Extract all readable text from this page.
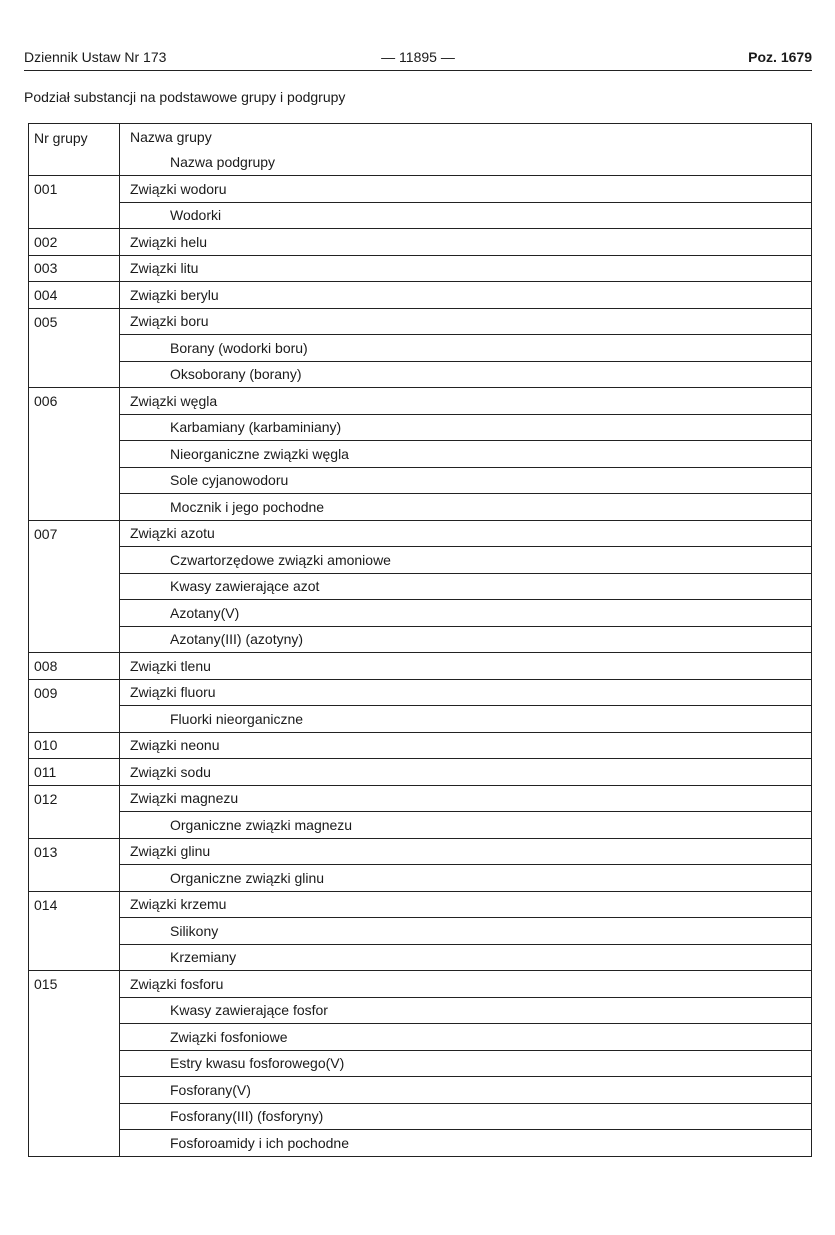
Dziennik Ustaw Nr 173	— 11895 —	Poz. 1679
Podział substancji na podstawowe grupy i podgrupy
Nr grupy	Nazwa grupy
	Nazwa podgrupy
001	Związki wodoru
	Wodorki
002	Związki helu
003	Związki litu
004	Związki berylu
005	Związki boru
	Borany (wodorki boru)
	Oksoborany (borany)
006	Związki węgla
	Karbamiany (karbaminiany)
	Nieorganiczne związki węgla
	Sole cyjanowodoru
	Mocznik i jego pochodne
007	Związki azotu
	Czwartorzędowe związki amoniowe
	Kwasy zawierające azot
	Azotany(V)
	Azotany(III) (azotyny)
008	Związki tlenu
009	Związki fluoru
	Fluorki nieorganiczne
010	Związki neonu
011	Związki sodu
012	Związki magnezu
	Organiczne związki magnezu
013	Związki glinu
	Organiczne związki glinu
014	Związki krzemu
	Silikony
	Krzemiany
015	Związki fosforu
	Kwasy zawierające fosfor
	Związki fosfoniowe
	Estry kwasu fosforowego(V)
	Fosforany(V)
	Fosforany(III) (fosforyny)
	Fosforoamidy i ich pochodne
